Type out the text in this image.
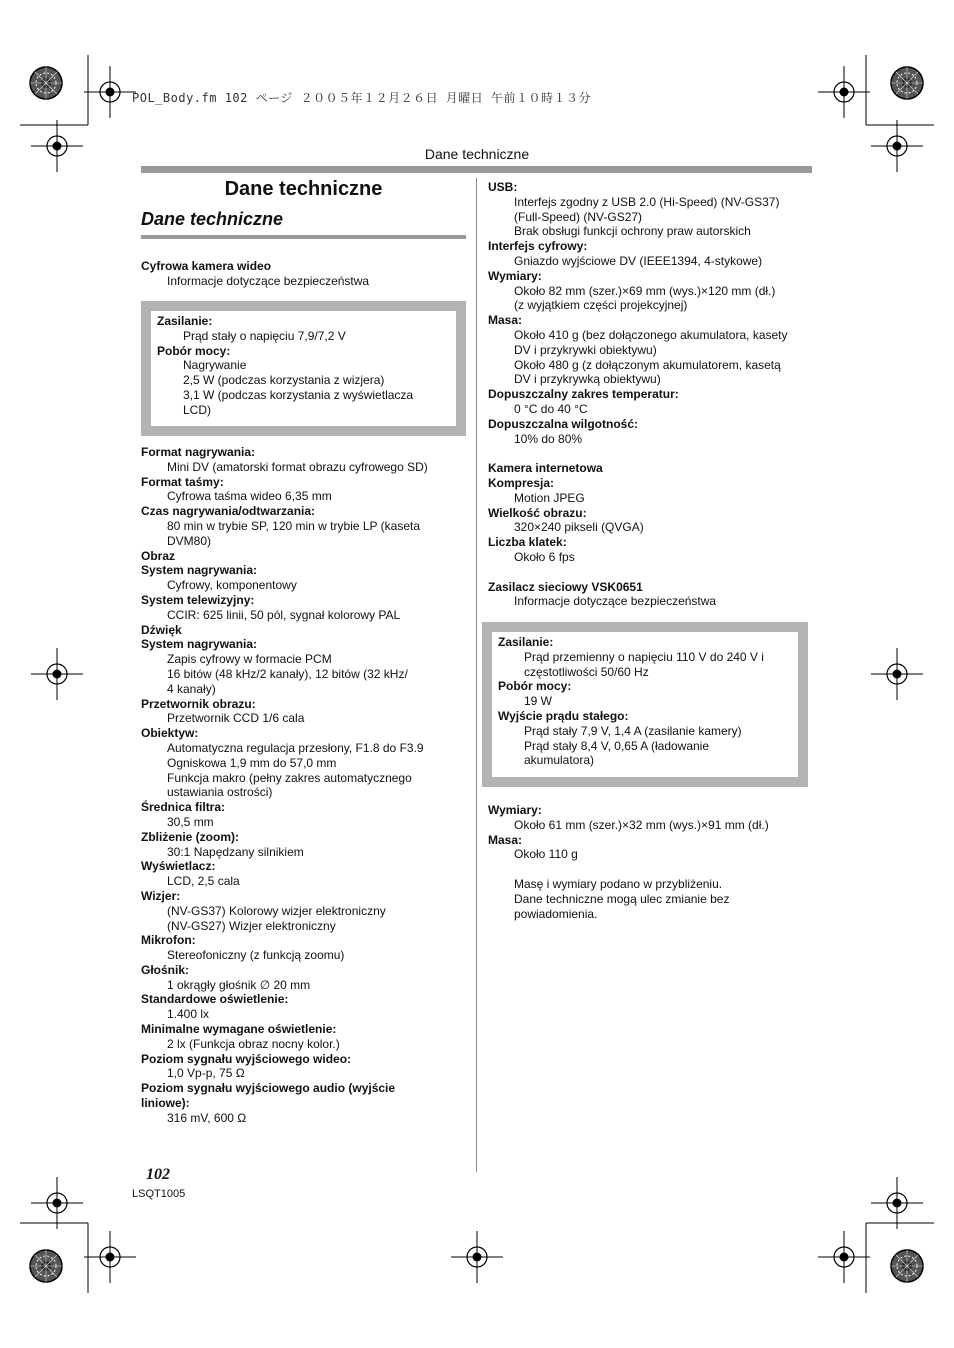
POL_Body.fm 102 ページ ２００５年１２月２６日 月曜日 午前１０時１３分
Dane techniczne
Dane techniczne
Dane techniczne
Cyfrowa kamera wideo
Informacje dotyczące bezpieczeństwa
Zasilanie:
Prąd stały o napięciu 7,9/7,2 V
Pobór mocy:
Nagrywanie
2,5 W (podczas korzystania z wizjera)
3,1 W (podczas korzystania z wyświetlacza
LCD)
Format nagrywania:
Mini DV (amatorski format obrazu cyfrowego SD)
Format taśmy:
Cyfrowa taśma wideo 6,35 mm
Czas nagrywania/odtwarzania:
80 min w trybie SP, 120 min w trybie LP (kaseta
DVM80)
Obraz
System nagrywania:
Cyfrowy, komponentowy
System telewizyjny:
CCIR: 625 linii, 50 pól, sygnał kolorowy PAL
Dźwięk
System nagrywania:
Zapis cyfrowy w formacie PCM
16 bitów (48 kHz/2 kanały), 12 bitów (32 kHz/
4 kanały)
Przetwornik obrazu:
Przetwornik CCD 1/6 cala
Obiektyw:
Automatyczna regulacja przesłony, F1.8 do F3.9
Ogniskowa 1,9 mm do 57,0 mm
Funkcja makro (pełny zakres automatycznego
ustawiania ostrości)
Średnica filtra:
30,5 mm
Zbliżenie (zoom):
30:1 Napędzany silnikiem
Wyświetlacz:
LCD, 2,5 cala
Wizjer:
(NV-GS37) Kolorowy wizjer elektroniczny
(NV-GS27) Wizjer elektroniczny
Mikrofon:
Stereofoniczny (z funkcją zoomu)
Głośnik:
1 okrągły głośnik ∅ 20 mm
Standardowe oświetlenie:
1.400 lx
Minimalne wymagane oświetlenie:
2 lx (Funkcja obraz nocny kolor.)
Poziom sygnału wyjściowego wideo:
1,0 Vp-p, 75 Ω
Poziom sygnału wyjściowego audio (wyjście
liniowe):
316 mV, 600 Ω
USB:
Interfejs zgodny z USB 2.0 (Hi-Speed) (NV-GS37)
(Full-Speed) (NV-GS27)
Brak obsługi funkcji ochrony praw autorskich
Interfejs cyfrowy:
Gniazdo wyjściowe DV (IEEE1394, 4-stykowe)
Wymiary:
Około 82 mm (szer.)×69 mm (wys.)×120 mm (dł.)
(z wyjątkiem części projekcyjnej)
Masa:
Około 410 g (bez dołączonego akumulatora, kasety
DV i przykrywki obiektywu)
Około 480 g (z dołączonym akumulatorem, kasetą
DV i przykrywką obiektywu)
Dopuszczalny zakres temperatur:
0 °C do 40 °C
Dopuszczalna wilgotność:
10% do 80%
Kamera internetowa
Kompresja:
Motion JPEG
Wielkość obrazu:
320×240 pikseli (QVGA)
Liczba klatek:
Około 6 fps
Zasilacz sieciowy VSK0651
Informacje dotyczące bezpieczeństwa
Zasilanie:
Prąd przemienny o napięciu 110 V do 240 V i
częstotliwości 50/60 Hz
Pobór mocy:
19 W
Wyjście prądu stałego:
Prąd stały 7,9 V, 1,4 A (zasilanie kamery)
Prąd stały 8,4 V, 0,65 A (ładowanie
akumulatora)
Wymiary:
Około 61 mm (szer.)×32 mm (wys.)×91 mm (dł.)
Masa:
Około 110 g
Masę i wymiary podano w przybliżeniu.
Dane techniczne mogą ulec zmianie bez
powiadomienia.
102
LSQT1005
